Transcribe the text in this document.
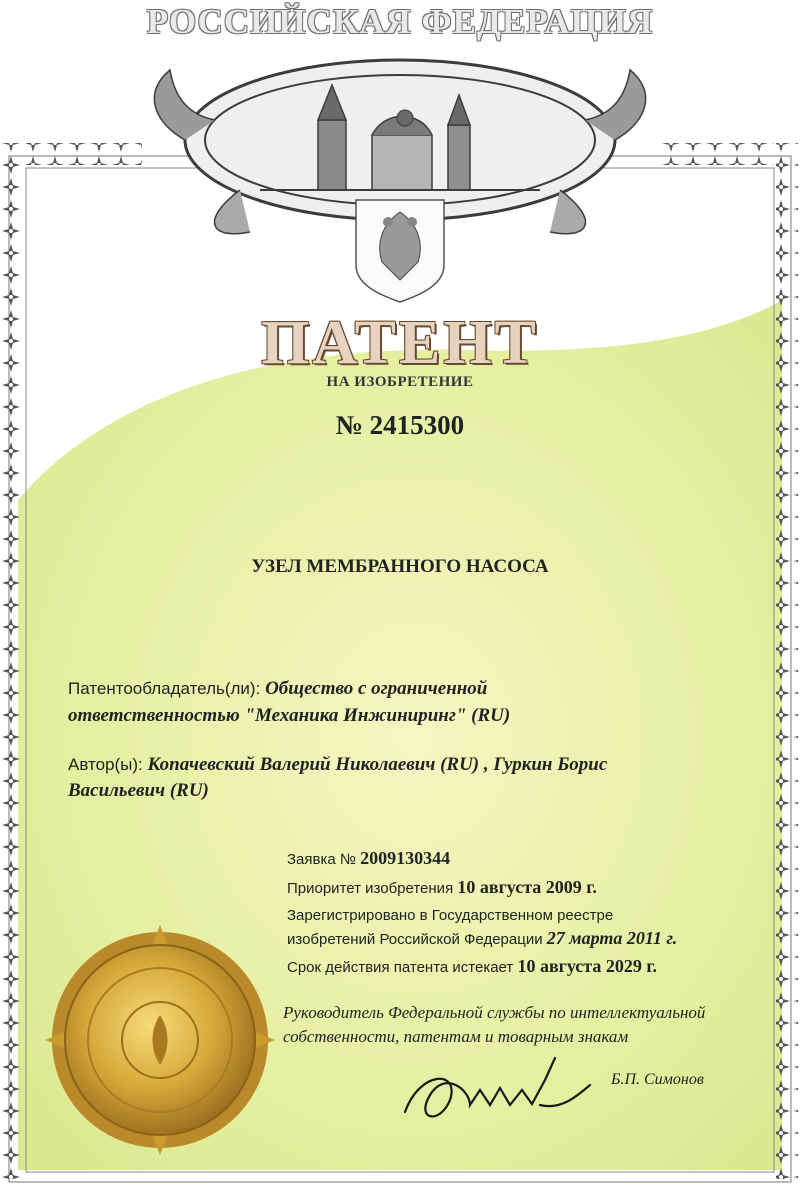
РОССИЙСКАЯ ФЕДЕРАЦИЯ
ПАТЕНТ
НА ИЗОБРЕТЕНИЕ
№ 2415300
УЗЕЛ МЕМБРАННОГО НАСОСА
Патентообладатель(ли): Общество с ограниченной
ответственностью "Механика Инжиниринг" (RU)
Автор(ы): Копачевский Валерий Николаевич (RU) , Гуркин Борис
Васильевич (RU)
Заявка № 2009130344
Приоритет изобретения 10 августа 2009 г.
Зарегистрировано в Государственном реестре
изобретений Российской Федерации 27 марта 2011 г.
Срок действия патента истекает 10 августа 2029 г.
Руководитель Федеральной службы по интеллектуальной
собственности, патентам и товарным знакам
Б.П. Симонов
